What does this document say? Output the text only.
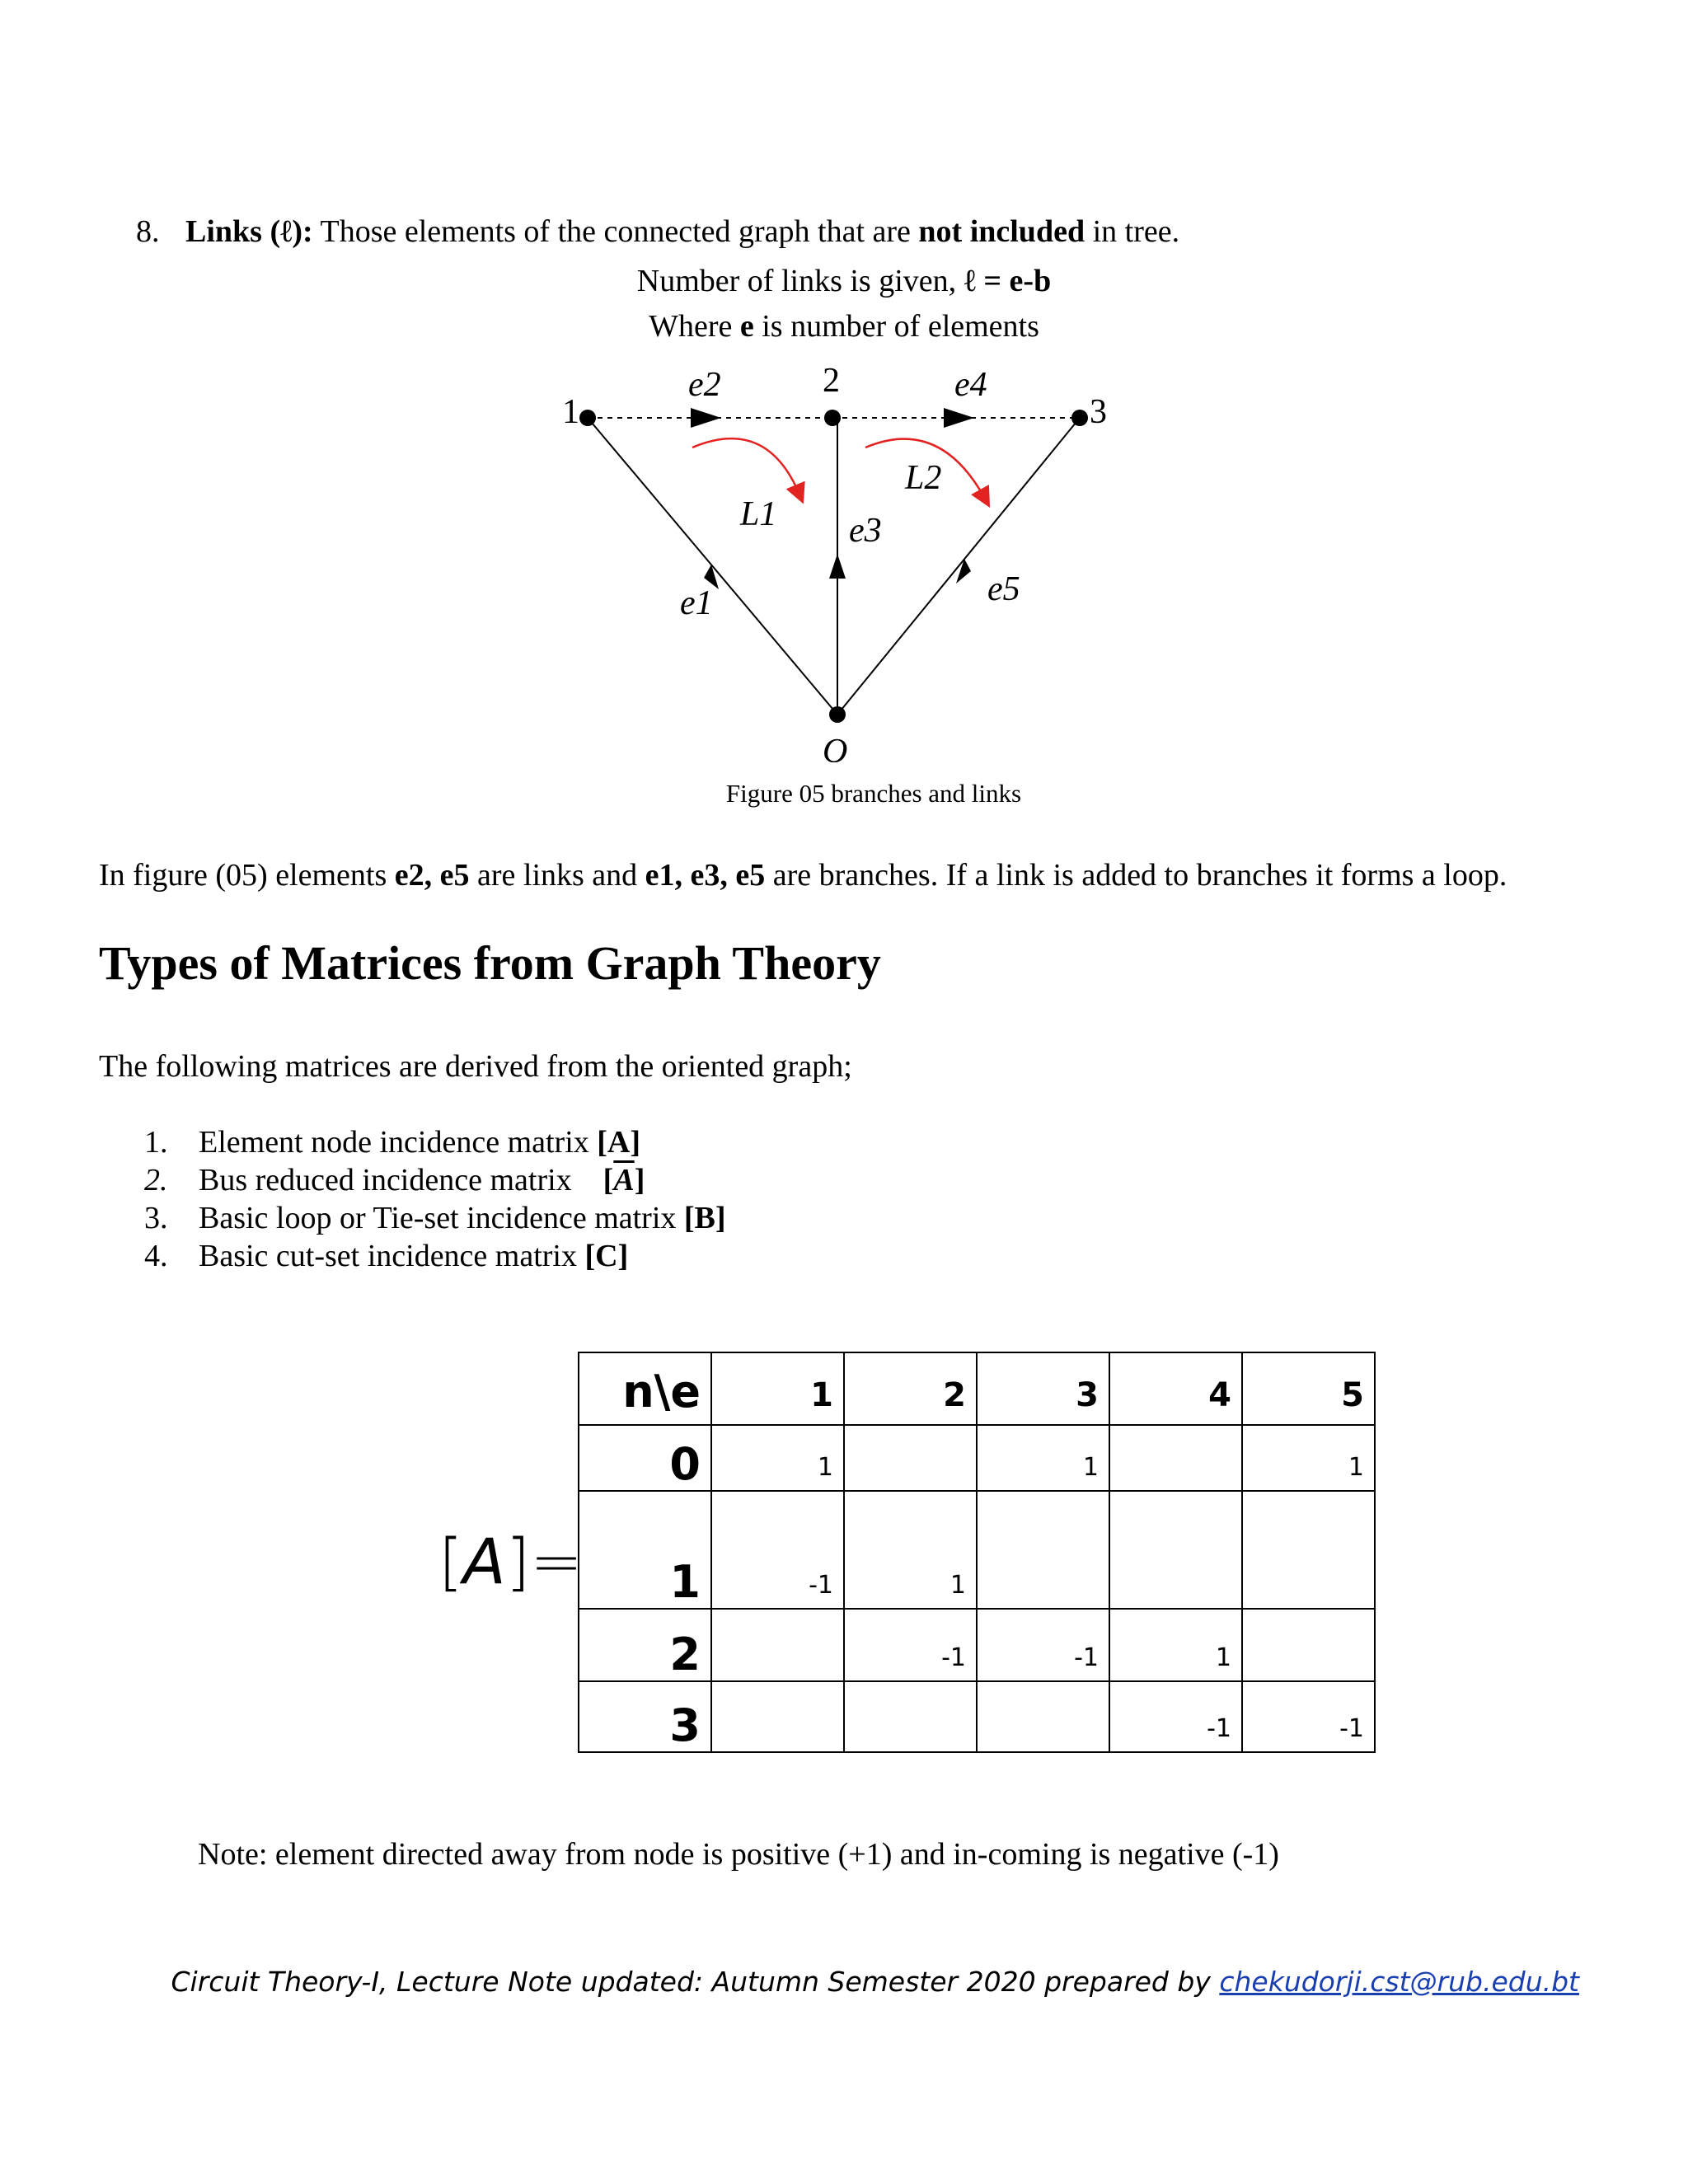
8. Links (ℓ): Those elements of the connected graph that are not included in tree.
Number of links is given, ℓ = e-b
Where e is number of elements
1
2
3
O
e2	e4
e1
e3
e5
L1
L2
Figure 05 branches and links
In figure (05) elements e2, e5 are links and e1, e3, e5 are branches. If a link is added to branches it forms a loop.
Types of Matrices from Graph Theory
The following matrices are derived from the oriented graph;
1. Element node incidence matrix [A]
2. Bus reduced incidence matrix    $[\overline{A}]$
3. Basic loop or Tie-set incidence matrix [B]
4. Basic cut-set incidence matrix [C]
[A]=
n\e	1	2	3	4	5
0	1		1		1
1	-1	1			
2		-1	-1	1	
3				-1	-1
Note: element directed away from node is positive (+1) and in-coming is negative (-1)
Circuit Theory-I, Lecture Note updated: Autumn Semester 2020 prepared by chekudorji.cst@rub.edu.bt
